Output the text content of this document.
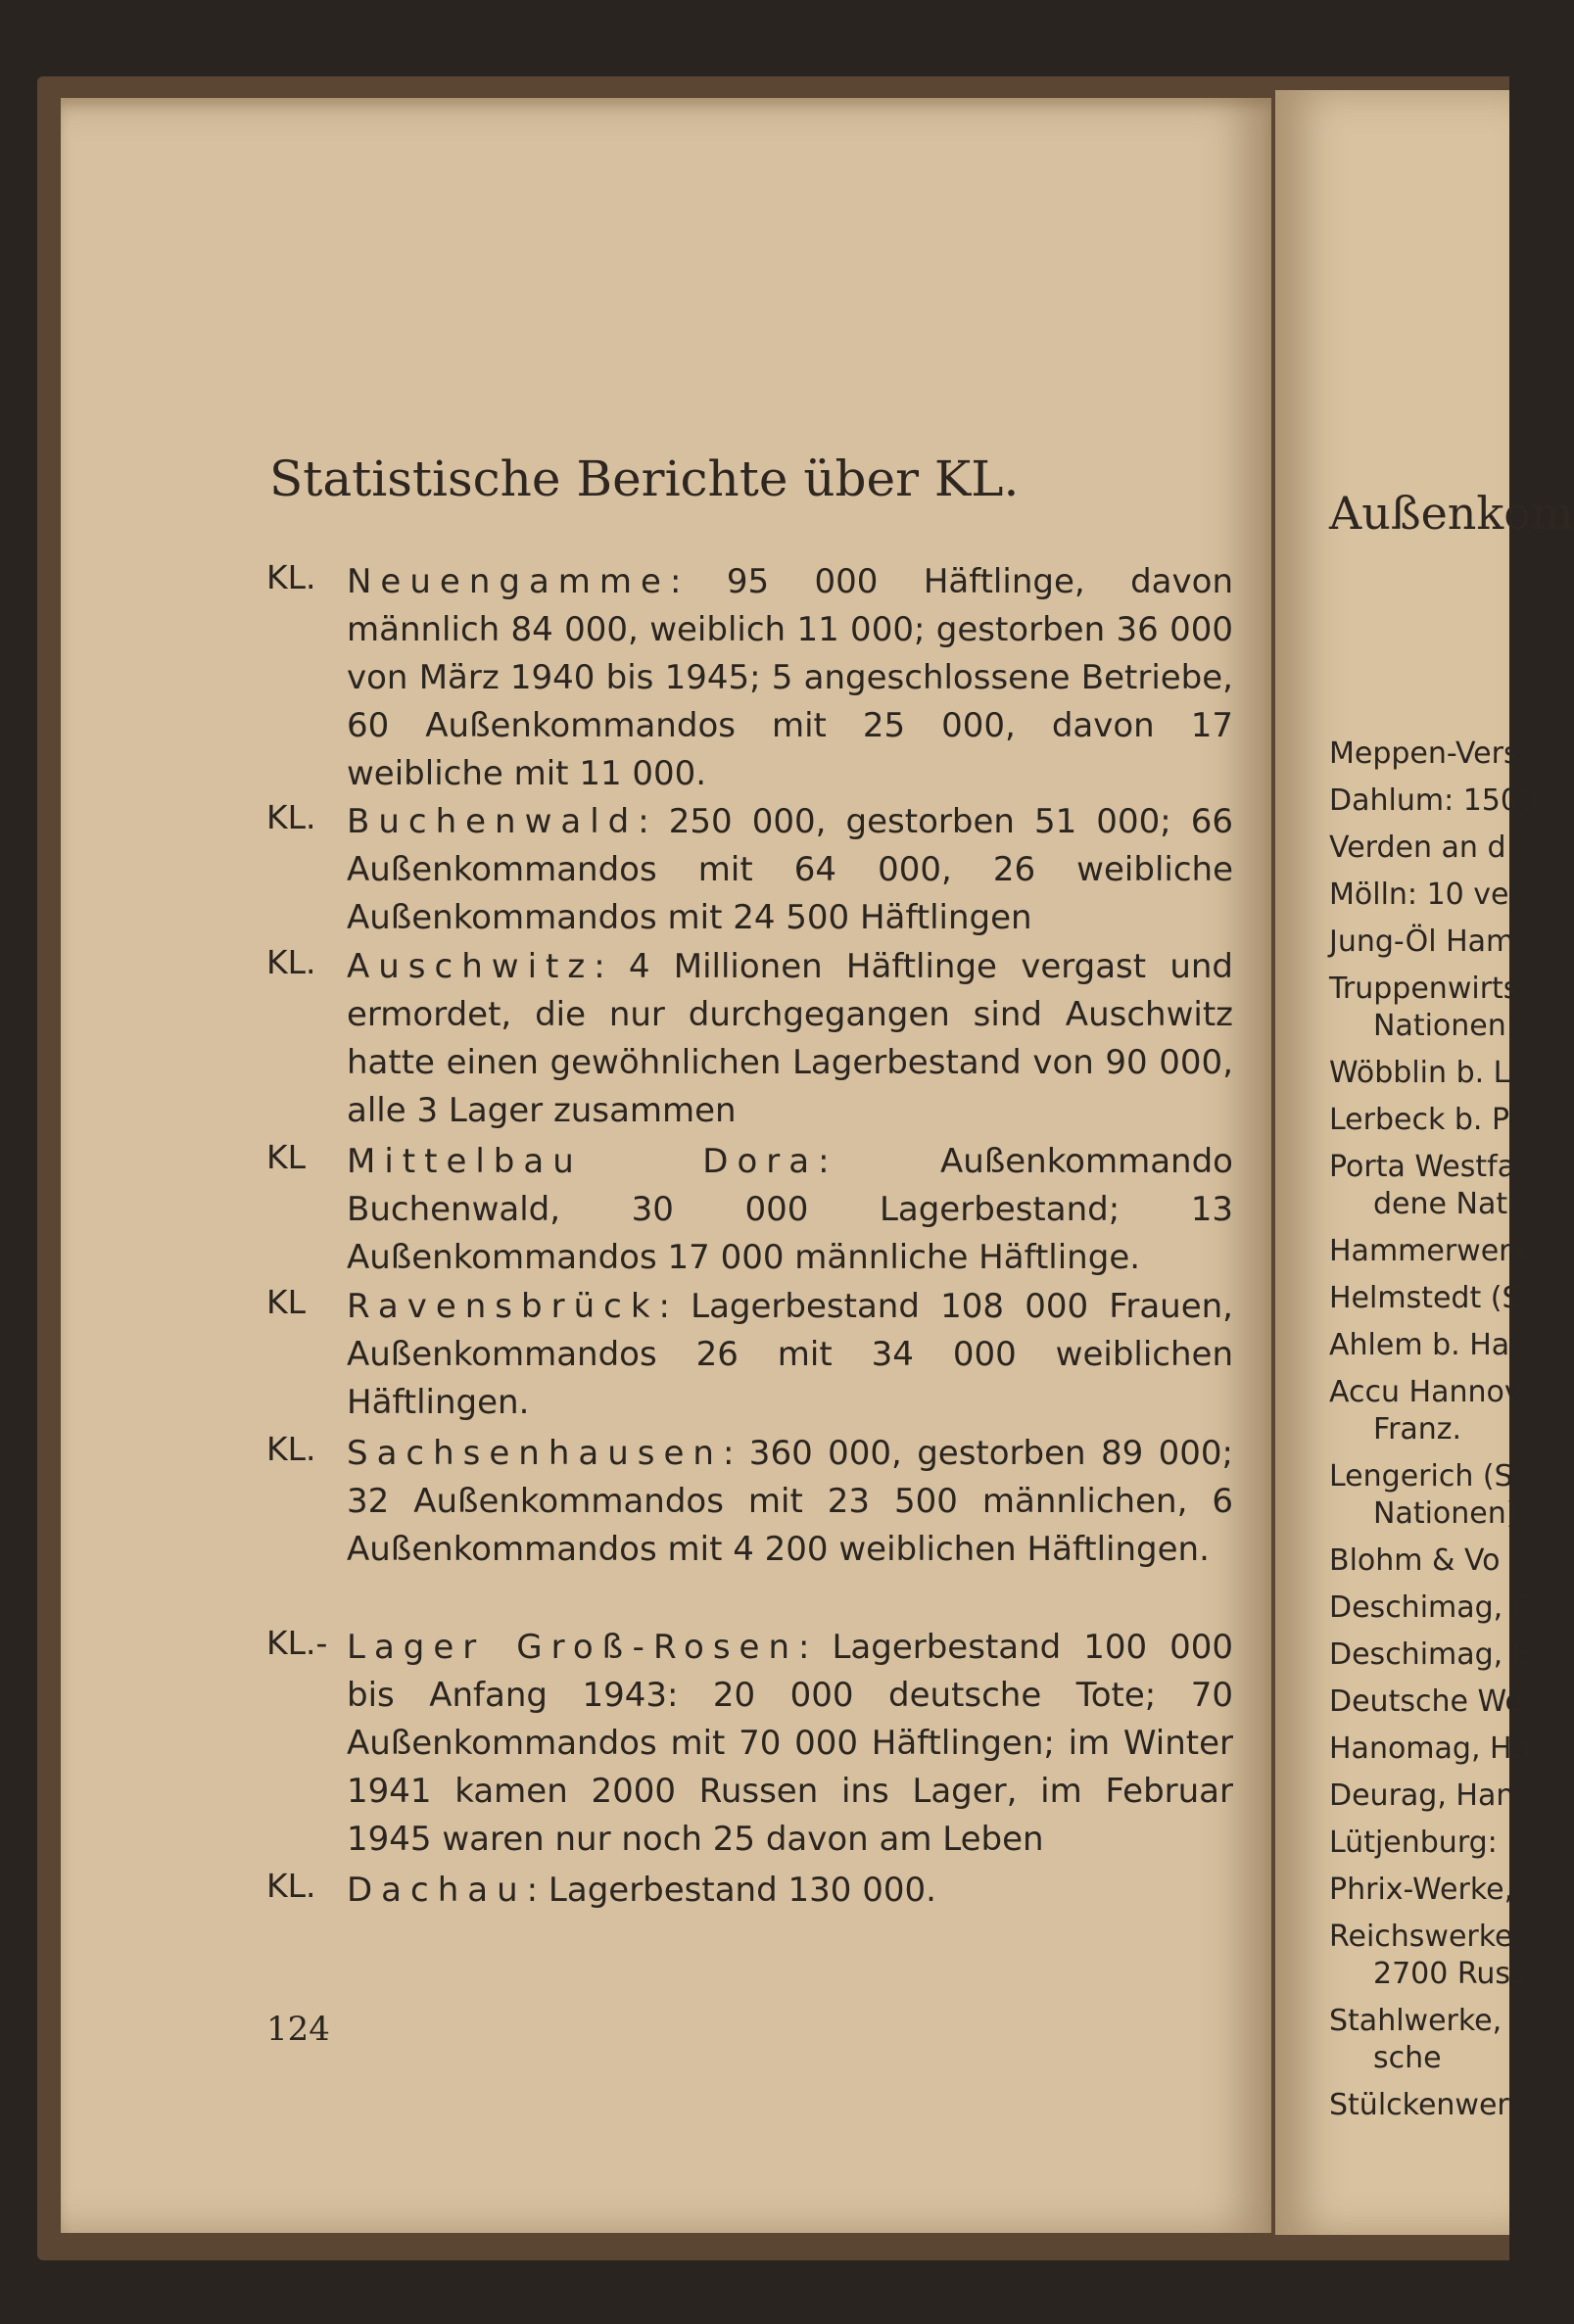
Statistische Berichte über KL.
KL. Neuengamme: 95 000 Häftlinge, davon männlich 84 000, weiblich 11 000; gestorben 36 000 von März 1940 bis 1945; 5 angeschlossene Betriebe, 60 Außenkommandos mit 25 000, davon 17 weibliche mit 11 000.
KL. Buchenwald: 250 000, gestorben 51 000; 66 Außenkommandos mit 64 000, 26 weibliche Außenkommandos mit 24 500 Häftlingen
KL. Auschwitz: 4 Millionen Häftlinge vergast und ermordet, die nur durchgegangen sind Auschwitz hatte einen gewöhnlichen Lagerbestand von 90 000, alle 3 Lager zusammen
KL	Mittelbau Dora: Außenkommando Buchenwald, 30 000 Lagerbestand; 13 Außenkommandos 17 000 männliche Häftlinge.
KL	Ravensbrück: Lagerbestand 108 000 Frauen, Außenkommandos 26 mit 34 000 weiblichen Häftlingen.
KL. Sachsenhausen: 360 000, gestorben 89 000; 32 Außenkommandos mit 23 500 männlichen, 6 Außenkommandos mit 4 200 weiblichen Häftlingen.
KL.- Lager Groß-Rosen: Lagerbestand 100 000 bis Anfang 1943: 20 000 deutsche Tote; 70 Außenkommandos mit 70 000 Häftlingen; im Winter 1941 kamen 2000 Russen ins Lager, im Februar 1945 waren nur noch 25 davon am Leben
KL. Dachau: Lagerbestand 130 000.
124
Außenkom
Meppen-Vers
Dahlum: 1500
Verden an d
Mölln: 10 ve
Jung-Öl Ham
Truppenwirts
Nationen
Wöbblin b. L
Lerbeck b. P
Porta Westfa
dene Nati
Hammerwerk
Helmstedt (S
Ahlem b. Ha
Accu Hannov
Franz.
Lengerich (S
Nationen)
Blohm & Vo
Deschimag, E
Deschimag, E
Deutsche We
Hanomag, Ha
Deurag, Han
Lütjenburg:
Phrix-Werke,
Reichswerke
2700 Russ
Stahlwerke,
sche
Stülckenwer
